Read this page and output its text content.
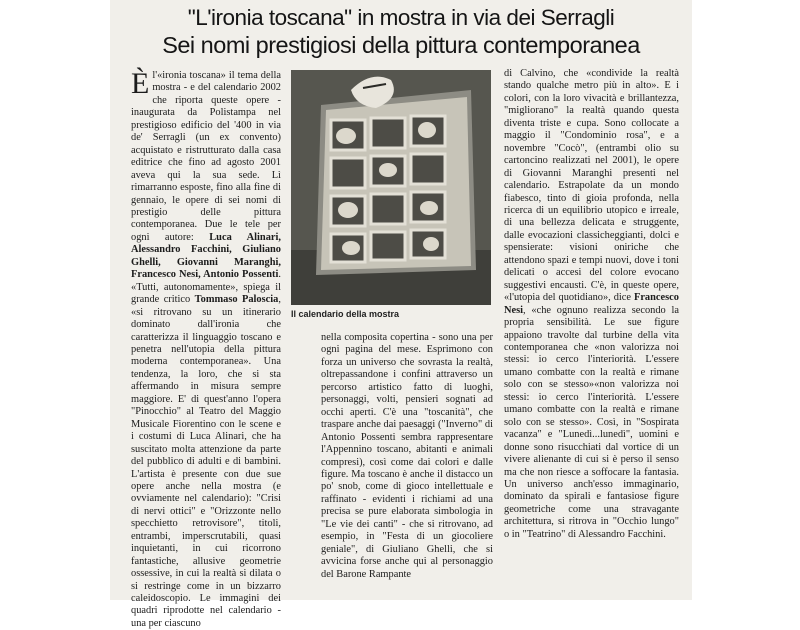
"L'ironia toscana" in mostra in via dei Serragli
Sei nomi prestigiosi della pittura contemporanea

Èl'«ironia toscana» il tema della mostra - e del calendario 2002 che riporta queste opere - inaugurata da Polistampa nel prestigioso edificio del '400 in via de' Serragli (un ex convento) acquistato e ristrutturato dalla casa editrice che fino ad agosto 2001 aveva qui la sua sede. Lì rimarranno esposte, fino alla fine di gennaio, le opere di sei nomi di prestigio delle pittura contemporanea. Due le tele per ogni autore: Luca Alinari, Alessandro Facchini, Giuliano Ghelli, Giovanni Maranghi, Francesco Nesi, Antonio Possenti. «Tutti, autonomamente», spiega il grande critico Tommaso Paloscia, «si ritrovano su un itinerario dominato dall'ironia che caratterizza il linguaggio toscano e penetra nell'utopia della pittura moderna contemporanea». Una tendenza, la loro, che si sta affermando in misura sempre maggiore. E' di quest'anno l'opera "Pinocchio" al Teatro del Maggio Musicale Fiorentino con le scene e i costumi di Luca Alinari, che ha suscitato molta attenzione da parte del pubblico di adulti e di bambini. L'artista è presente con due sue opere anche nella mostra (e ovviamente nel calendario): "Crisi di nervi ottici" e "Orizzonte nello specchietto retrovisore", titoli, entrambi, imperscrutabili, quasi inquietanti, in cui ricorrono fantastiche, allusive geometrie ossessive, in cui la realtà si dilata o si restringe come in un bizzarro caleidoscopio. Le immagini dei quadri riprodotte nel calendario - una per ciascuno

Il calendario della mostra

nella composita copertina - sono una per ogni pagina del mese. Esprimono con forza un universo che sovrasta la realtà, oltrepassandone i confini attraverso un percorso artistico fatto di luoghi, personaggi, volti, pensieri sognati ad occhi aperti. C'è una "toscanità", che traspare anche dai paesaggi ("Inverno" di Antonio Possenti sembra rappresentare l'Appennino toscano, abitanti e animali compresi), così come dai colori e dalle figure. Ma toscano è anche il distacco un po' snob, come di gioco intellettuale e raffinato - evidenti i richiami ad una precisa se pure elaborata simbologia in "Le vie dei canti" - che si ritrovano, ad esempio, in "Festa di un giocoliere geniale", di Giuliano Ghelli, che si avvicina forse anche qui al personaggio del Barone Rampante

di Calvino, che «condivide la realtà stando qualche metro più in alto». E i colori, con la loro vivacità e brillantezza, "migliorano" la realtà quando questa diventa triste e cupa. Sono collocate a maggio il "Condominio rosa", e a novembre "Cocò", (entrambi olio su cartoncino realizzati nel 2001), le opere di Giovanni Maranghi presenti nel calendario. Estrapolate da un mondo fiabesco, tinto di gioia profonda, nella ricerca di un equilibrio utopico e irreale, di una bellezza delicata e struggente, dalle evocazioni classicheggianti, dolci e spensierate: visioni oniriche che attendono spazi e tempi nuovi, dove i toni delicati o accesi del colore evocano suggestivi encausti. C'è, in queste opere, «l'utopia del quotidiano», dice Francesco Nesi, «che ognuno realizza secondo la propria sensibilità. Le sue figure appaiono travolte dal turbine della vita contemporanea che «non valorizza noi stessi: io cerco l'interiorità. L'essere umano combatte con la realtà e rimane solo con se stesso»«non valorizza noi stessi: io cerco l'interiorità. L'essere umano combatte con la realtà e rimane solo con se stesso». Così, in "Sospirata vacanza" e "Lunedì...lunedì", uomini e donne sono risucchiati dal vortice di un vivere alienante di cui si è perso il senso ma che non riesce a soffocare la fantasia. Un universo anch'esso immaginario, dominato da spirali e fantasiose figure geometriche come una stravagante architettura, si ritrova in "Occhio lungo" o in "Teatrino" di Alessandro Facchini.
